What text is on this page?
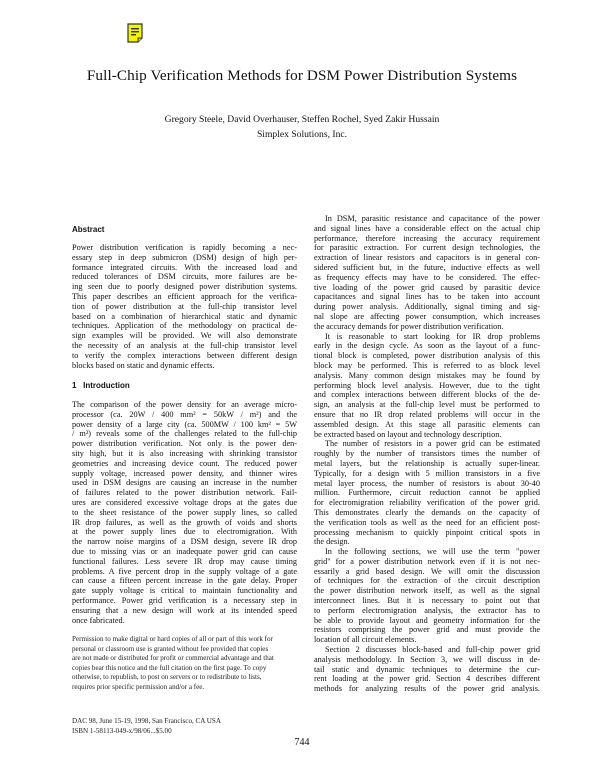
Full-Chip Verification Methods for DSM Power Distribution Systems
Gregory Steele, David Overhauser, Steffen Rochel, Syed Zakir Hussain
Simplex Solutions, Inc.
Abstract
Power distribution verification is rapidly becoming a nec-
essary step in deep submicron (DSM) design of high per-
formance integrated circuits. With the increased load and
reduced tolerances of DSM circuits, more failures are be-
ing seen due to poorly designed power distribution systems.
This paper describes an efficient approach for the verifica-
tion of power distribution at the full-chip transistor level
based on a combination of hierarchical static and dynamic
techniques. Application of the methodology on practical de-
sign examples will be provided. We will also demonstrate
the necessity of an analysis at the full-chip transistor level
to verify the complex interactions between different design
blocks based on static and dynamic effects.
1   Introduction
The comparison of the power density for an average micro-
processor (ca. 20W / 400 mm² = 50kW / m²) and the
power density of a large city (ca. 500MW / 100 km² = 5W
/ m²) reveals some of the challenges related to the full-chip
power distribution verification. Not only is the power den-
sity high, but it is also increasing with shrinking transistor
geometries and increasing device count. The reduced power
supply voltage, increased power density, and thinner wires
used in DSM designs are causing an increase in the number
of failures related to the power distribution network. Fail-
ures are considered excessive voltage drops at the gates due
to the sheet resistance of the power supply lines, so called
IR drop failures, as well as the growth of voids and shorts
at the power supply lines due to electromigration. With
the narrow noise margins of a DSM design, severe IR drop
due to missing vias or an inadequate power grid can cause
functional failures. Less severe IR drop may cause timing
problems. A five percent drop in the supply voltage of a gate
can cause a fifteen percent increase in the gate delay. Proper
gate supply voltage is critical to maintain functionality and
performance. Power grid verification is a necessary step in
ensuring that a new design will work at its intended speed
once fabricated.
Permission to make digital or hard copies of all or part of this work for
personal or classroom use is granted without fee provided that copies
are not made or distributed for profit or commercial advantage and that
copies bear this notice and the full citation on the first page. To copy
otherwise, to republish, to post on servers or to redistribute to lists,
requires prior specific permission and/or a fee.
DAC 98, June 15-19, 1998, San Francisco, CA USA
ISBN 1-58113-049-x/98/06...$5.00
In DSM, parasitic resistance and capacitance of the power
and signal lines have a considerable effect on the actual chip
performance, therefore increasing the accuracy requirement
for parasitic extraction. For current design technologies, the
extraction of linear resistors and capacitors is in general con-
sidered sufficient but, in the future, inductive effects as well
as frequency effects may have to be considered. The effec-
tive loading of the power grid caused by parasitic device
capacitances and signal lines has to be taken into account
during power analysis. Additionally, signal timing and sig-
nal slope are affecting power consumption, which increases
the accuracy demands for power distribution verification.
It is reasonable to start looking for IR drop problems
early in the design cycle. As soon as the layout of a func-
tional block is completed, power distribution analysis of this
block may be performed. This is referred to as block level
analysis. Many common design mistakes may be found by
performing block level analysis. However, due to the tight
and complex interactions between different blocks of the de-
sign, an analysis at the full-chip level must be performed to
ensure that no IR drop related problems will occur in the
assembled design. At this stage all parasitic elements can
be extracted based on layout and technology description.
The number of resistors in a power grid can be estimated
roughly by the number of transistors times the number of
metal layers, but the relationship is actually super-linear.
Typically, for a design with 5 million transistors in a five
metal layer process, the number of resistors is about 30-40
million. Furthermore, circuit reduction cannot be applied
for electromigration reliability verification of the power grid.
This demonstrates clearly the demands on the capacity of
the verification tools as well as the need for an efficient post-
processing mechanism to quickly pinpoint critical spots in
the design.
In the following sections, we will use the term "power
grid" for a power distribution network even if it is not nec-
essarily a grid based design. We will omit the discussion
of techniques for the extraction of the circuit description
the power distribution network itself, as well as the signal
interconnect lines. But it is necessary to point out that
to perform electromigration analysis, the extractor has to
be able to provide layout and geometry information for the
resistors comprising the power grid and must provide the
location of all circuit elements.
Section 2 discusses block-based and full-chip power grid
analysis methodology. In Section 3, we will discuss in de-
tail static and dynamic techniques to determine the cur-
rent loading at the power grid. Section 4 describes different
methods for analyzing results of the power grid analysis.
744
